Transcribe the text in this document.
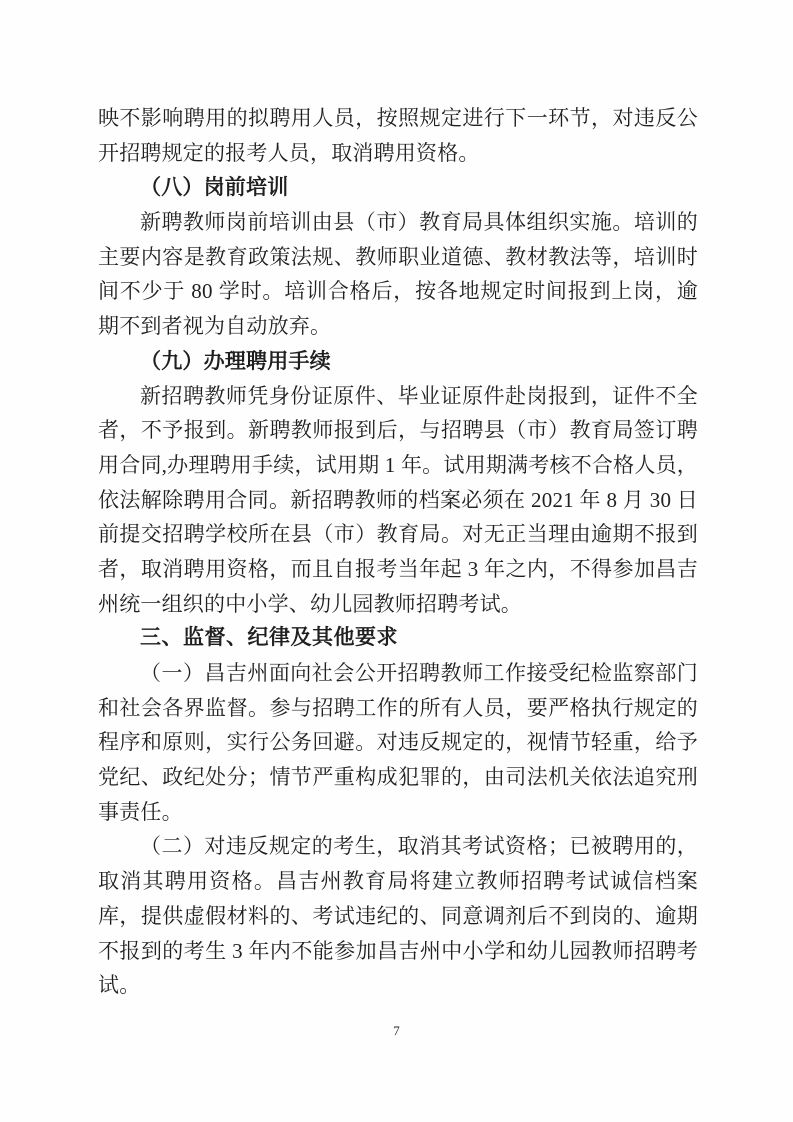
映不影响聘用的拟聘用人员，按照规定进行下一环节，对违反公
开招聘规定的报考人员，取消聘用资格。
（八）岗前培训
新聘教师岗前培训由县（市）教育局具体组织实施。培训的
主要内容是教育政策法规、教师职业道德、教材教法等，培训时
间不少于 80 学时。培训合格后，按各地规定时间报到上岗，逾
期不到者视为自动放弃。
（九）办理聘用手续
新招聘教师凭身份证原件、毕业证原件赴岗报到，证件不全
者，不予报到。新聘教师报到后，与招聘县（市）教育局签订聘
用合同,办理聘用手续，试用期 1 年。试用期满考核不合格人员，
依法解除聘用合同。新招聘教师的档案必须在 2021 年 8 月 30 日
前提交招聘学校所在县（市）教育局。对无正当理由逾期不报到
者，取消聘用资格，而且自报考当年起 3 年之内，不得参加昌吉
州统一组织的中小学、幼儿园教师招聘考试。
三、监督、纪律及其他要求
（一）昌吉州面向社会公开招聘教师工作接受纪检监察部门
和社会各界监督。参与招聘工作的所有人员，要严格执行规定的
程序和原则，实行公务回避。对违反规定的，视情节轻重，给予
党纪、政纪处分；情节严重构成犯罪的，由司法机关依法追究刑
事责任。
（二）对违反规定的考生，取消其考试资格；已被聘用的，
取消其聘用资格。昌吉州教育局将建立教师招聘考试诚信档案
库，提供虚假材料的、考试违纪的、同意调剂后不到岗的、逾期
不报到的考生 3 年内不能参加昌吉州中小学和幼儿园教师招聘考
试。
7
